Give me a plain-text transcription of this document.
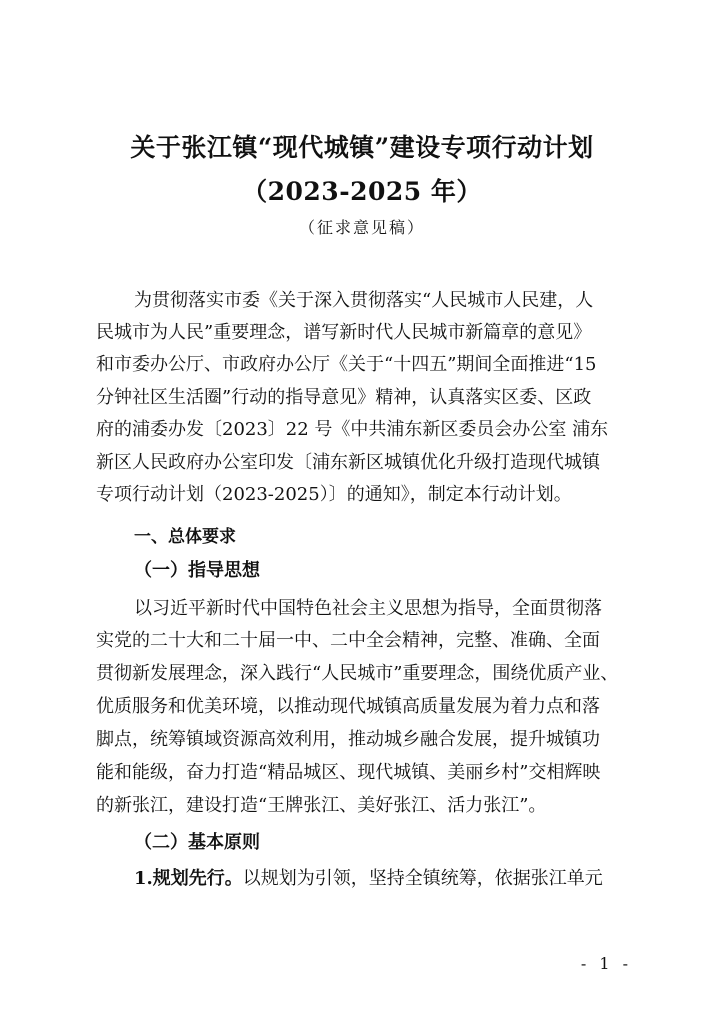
关于张江镇“现代城镇”建设专项行动计划
（2023-2025 年）
（征求意见稿）
为贯彻落实市委《关于深入贯彻落实“人民城市人民建，人
民城市为人民”重要理念，谱写新时代人民城市新篇章的意见》
和市委办公厅、市政府办公厅《关于“十四五”期间全面推进“15
分钟社区生活圈”行动的指导意见》精神，认真落实区委、区政
府的浦委办发〔2023〕22 号《中共浦东新区委员会办公室 浦东
新区人民政府办公室印发〔浦东新区城镇优化升级打造现代城镇
专项行动计划（2023-2025）〕的通知》，制定本行动计划。
一、总体要求
（一）指导思想
以习近平新时代中国特色社会主义思想为指导，全面贯彻落
实党的二十大和二十届一中、二中全会精神，完整、准确、全面
贯彻新发展理念，深入践行“人民城市”重要理念，围绕优质产业、
优质服务和优美环境，以推动现代城镇高质量发展为着力点和落
脚点，统筹镇域资源高效利用，推动城乡融合发展，提升城镇功
能和能级，奋力打造“精品城区、现代城镇、美丽乡村”交相辉映
的新张江，建设打造“王牌张江、美好张江、活力张江”。
（二）基本原则
1.规划先行。以规划为引领，坚持全镇统筹，依据张江单元
- 1 -
